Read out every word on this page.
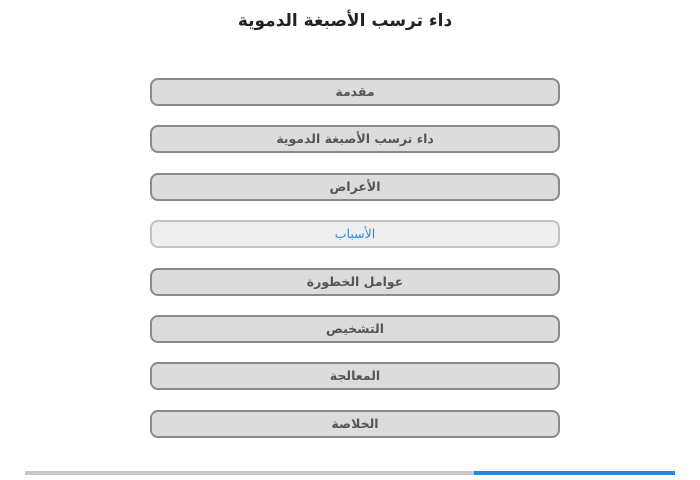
داء ترسب الأصبغة الدموية
مقدمة
داء ترسب الأصبغة الدموية
الأعراض
الأسباب
عوامل الخطورة
التشخيص
المعالجة
الخلاصة
